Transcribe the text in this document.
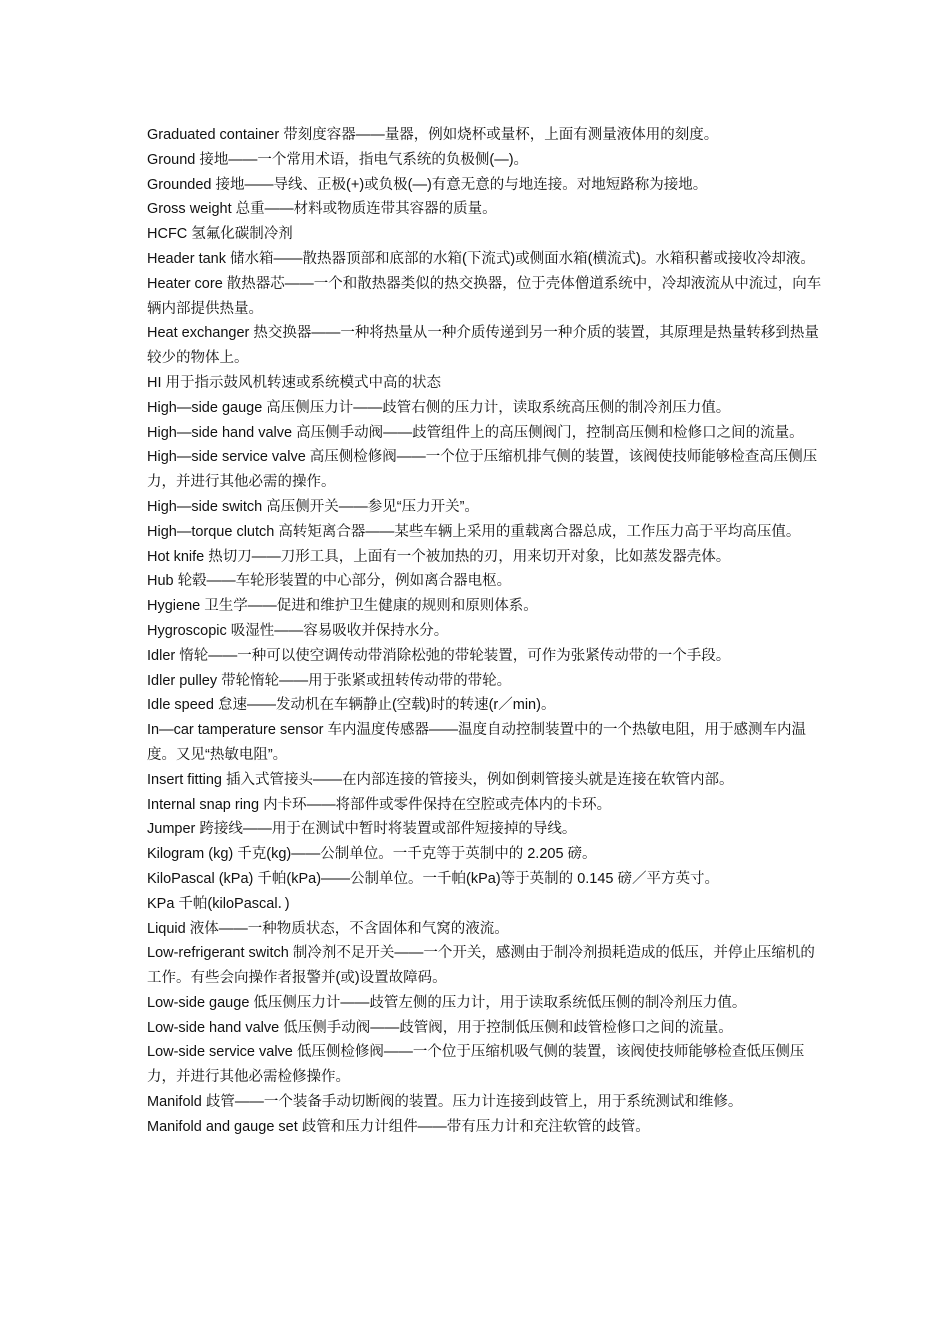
Graduated container 带刻度容器——量器，例如烧杯或量杯，上面有测量液体用的刻度。

Ground 接地——一个常用术语，指电气系统的负极侧(—)。

Grounded 接地——导线、正极(+)或负极(—)有意无意的与地连接。对地短路称为接地。

Gross weight 总重——材料或物质连带其容器的质量。

HCFC 氢氟化碳制冷剂

Header tank 储水箱——散热器顶部和底部的水箱(下流式)或侧面水箱(横流式)。水箱积蓄或接收冷却液。

Heater core 散热器芯——一个和散热器类似的热交换器，位于壳体僧道系统中，冷却液流从中流过，向车辆内部提供热量。

Heat exchanger 热交换器——一种将热量从一种介质传递到另一种介质的装置，其原理是热量转移到热量较少的物体上。

HI 用于指示鼓风机转速或系统模式中高的状态

High—side gauge 高压侧压力计——歧管右侧的压力计，读取系统高压侧的制冷剂压力值。

High—side hand valve 高压侧手动阀——歧管组件上的高压侧阀门，控制高压侧和检修口之间的流量。

High—side service valve 高压侧检修阀——一个位于压缩机排气侧的装置，该阀使技师能够检查高压侧压力，并进行其他必需的操作。

High—side switch 高压侧开关——参见“压力开关”。

High—torque clutch 高转矩离合器——某些车辆上采用的重载离合器总成，工作压力高于平均高压值。

Hot knife 热切刀——刀形工具，上面有一个被加热的刃，用来切开对象，比如蒸发器壳体。

Hub 轮毂——车轮形装置的中心部分，例如离合器电枢。

Hygiene 卫生学——促进和维护卫生健康的规则和原则体系。

Hygroscopic 吸湿性——容易吸收并保持水分。

Idler 惰轮——一种可以使空调传动带消除松弛的带轮装置，可作为张紧传动带的一个手段。

Idler pulley 带轮惰轮——用于张紧或扭转传动带的带轮。

Idle speed 怠速——发动机在车辆静止(空载)时的转速(r／min)。

In—car tamperature sensor 车内温度传感器——温度自动控制装置中的一个热敏电阻，用于感测车内温度。又见“热敏电阻”。

Insert fitting 插入式管接头——在内部连接的管接头，例如倒刺管接头就是连接在软管内部。

Internal snap ring 内卡环——将部件或零件保持在空腔或壳体内的卡环。

Jumper 跨接线——用于在测试中暂时将装置或部件短接掉的导线。

Kilogram (kg) 千克(kg)——公制单位。一千克等于英制中的 2.205 磅。

KiloPascal (kPa) 千帕(kPa)——公制单位。一千帕(kPa)等于英制的 0.145 磅／平方英寸。

KPa 千帕(kiloPascal．)

Liquid 液体——一种物质状态，不含固体和气窝的液流。

Low-refrigerant switch 制冷剂不足开关——一个开关，感测由于制冷剂损耗造成的低压，并停止压缩机的工作。有些会向操作者报警并(或)设置故障码。

Low-side gauge 低压侧压力计——歧管左侧的压力计，用于读取系统低压侧的制冷剂压力值。

Low-side hand valve 低压侧手动阀——歧管阀，用于控制低压侧和歧管检修口之间的流量。

Low-side service valve 低压侧检修阀——一个位于压缩机吸气侧的装置，该阀使技师能够检查低压侧压力，并进行其他必需检修操作。

Manifold 歧管——一个装备手动切断阀的装置。压力计连接到歧管上，用于系统测试和维修。

Manifold and gauge set 歧管和压力计组件——带有压力计和充注软管的歧管。
